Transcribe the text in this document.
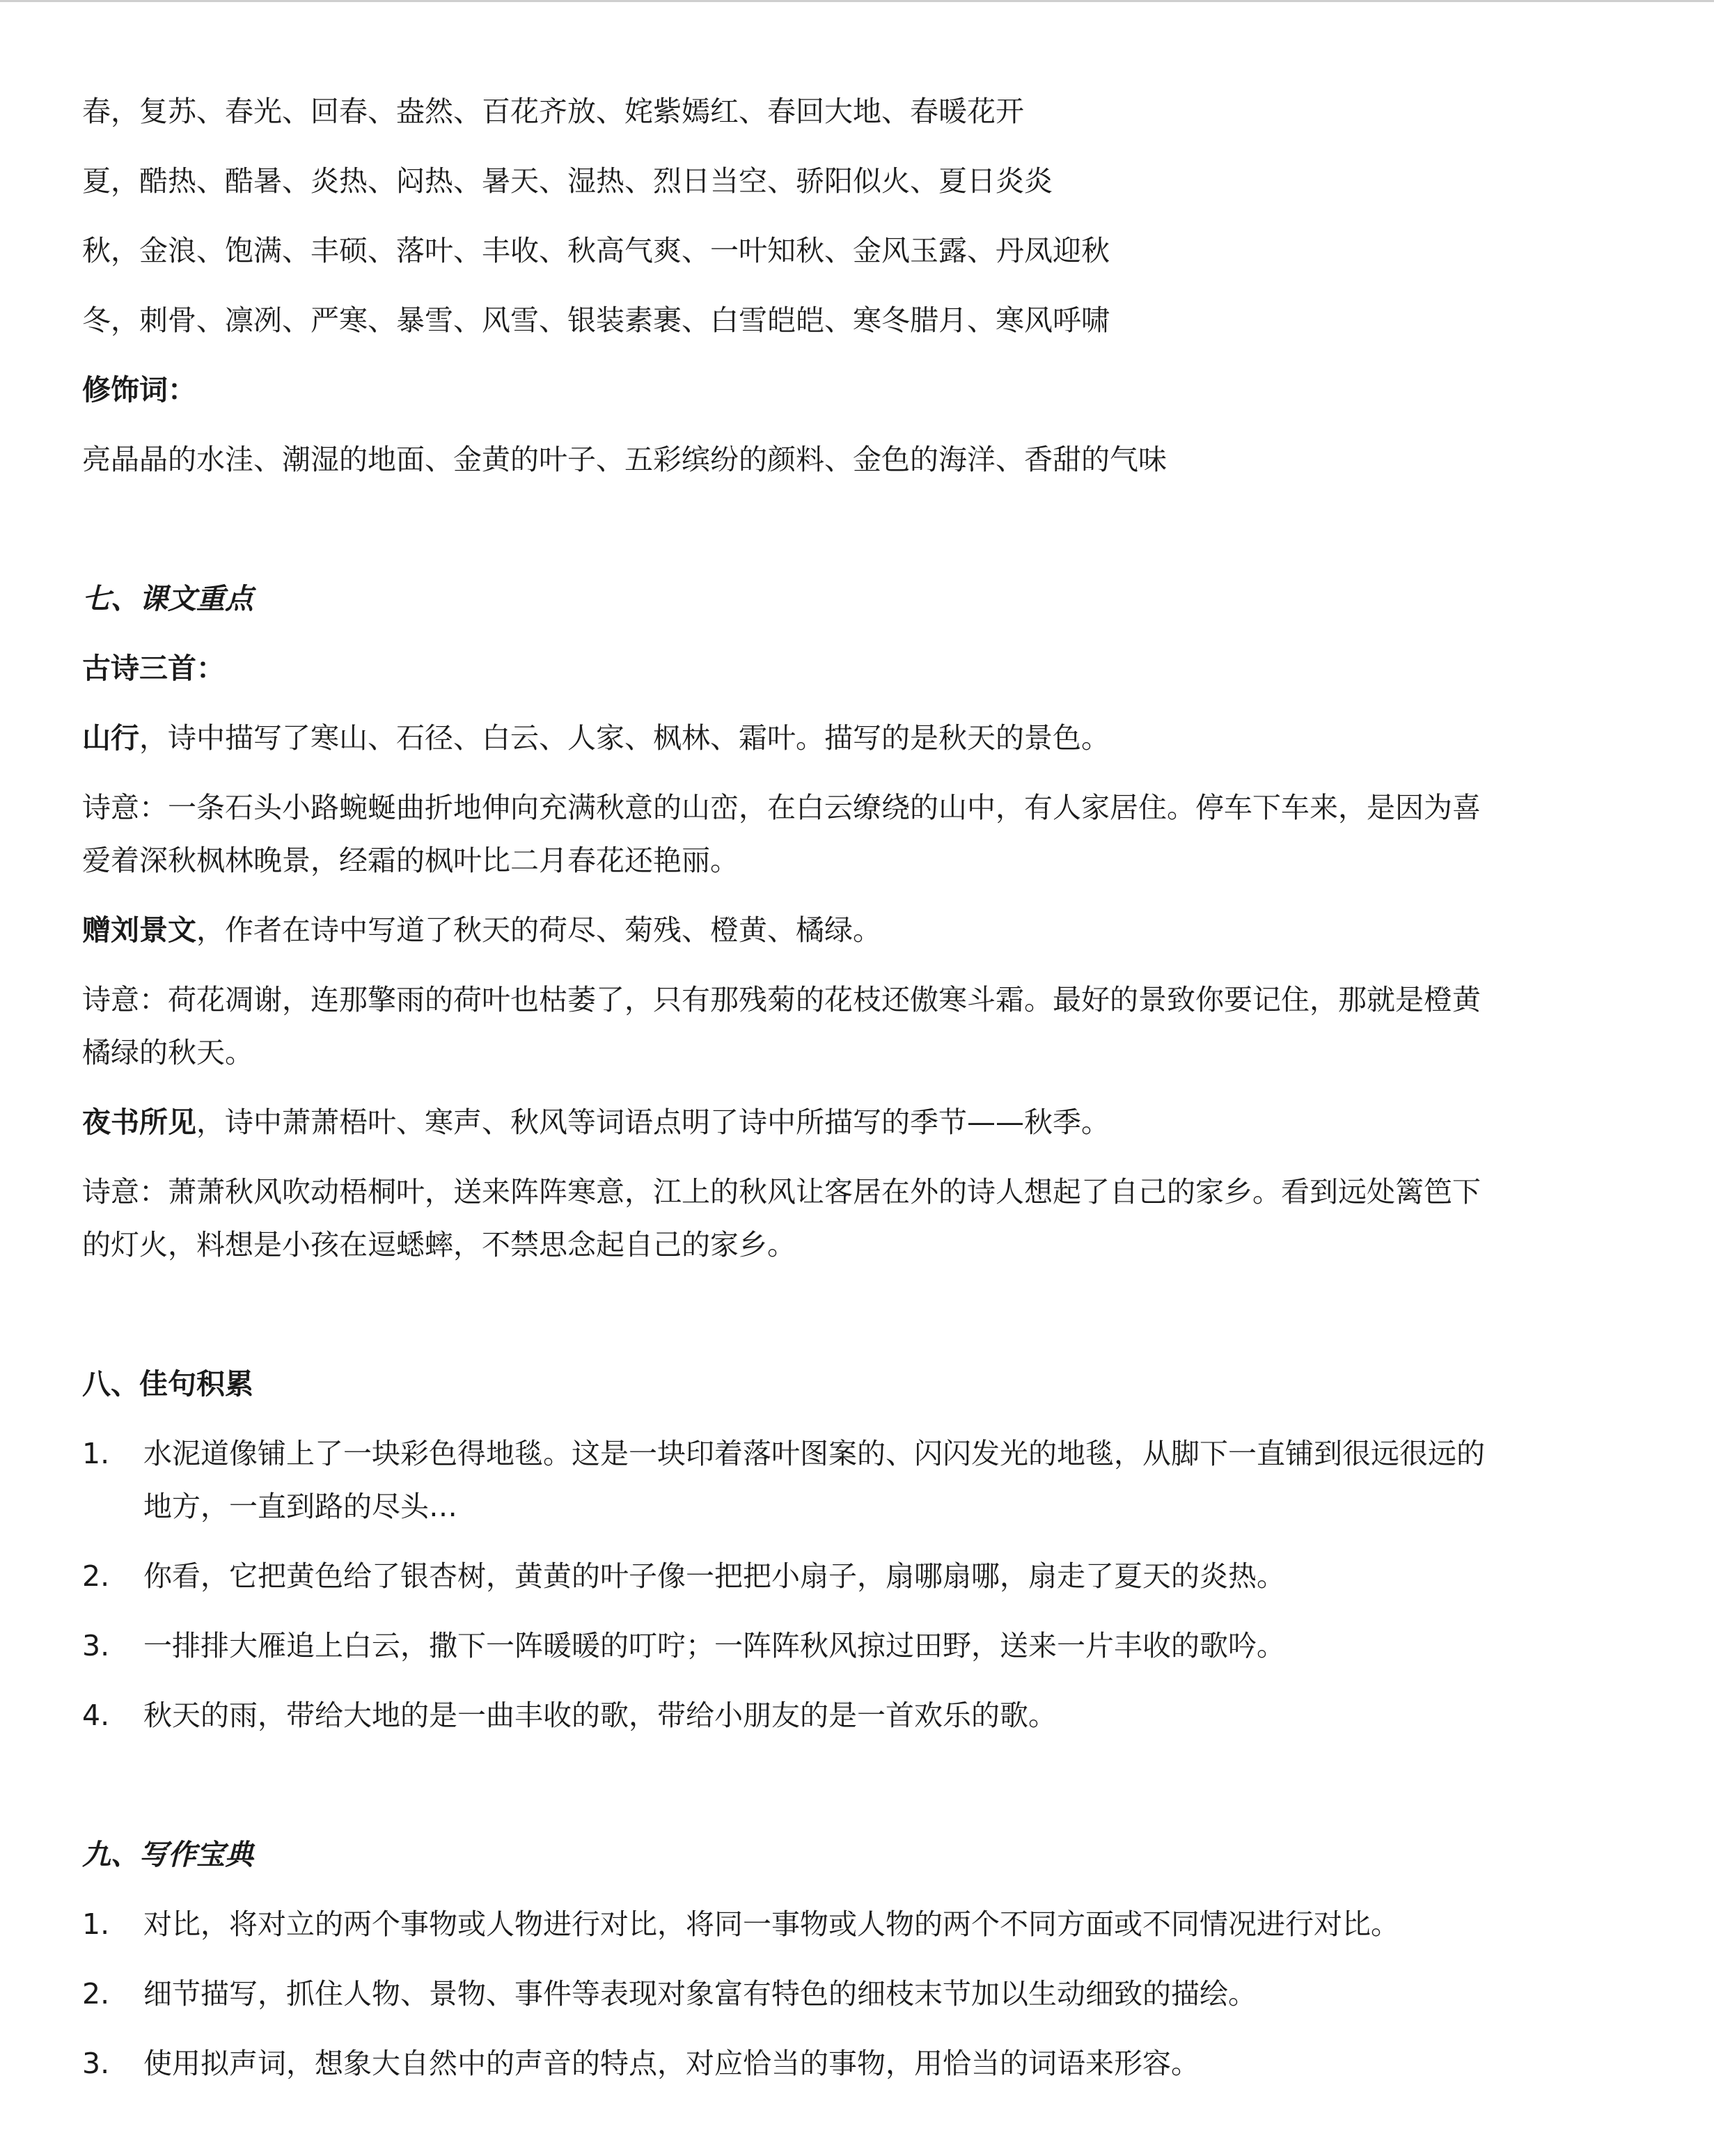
春，复苏、春光、回春、盎然、百花齐放、姹紫嫣红、春回大地、春暖花开
夏，酷热、酷暑、炎热、闷热、暑天、湿热、烈日当空、骄阳似火、夏日炎炎
秋，金浪、饱满、丰硕、落叶、丰收、秋高气爽、一叶知秋、金风玉露、丹凤迎秋
冬，刺骨、凛冽、严寒、暴雪、风雪、银装素裹、白雪皑皑、寒冬腊月、寒风呼啸
修饰词：
亮晶晶的水洼、潮湿的地面、金黄的叶子、五彩缤纷的颜料、金色的海洋、香甜的气味
七、课文重点
古诗三首：
山行，诗中描写了寒山、石径、白云、人家、枫林、霜叶。描写的是秋天的景色。
诗意：一条石头小路蜿蜒曲折地伸向充满秋意的山峦，在白云缭绕的山中，有人家居住。停车下车来，是因为喜
爱着深秋枫林晚景，经霜的枫叶比二月春花还艳丽。
赠刘景文，作者在诗中写道了秋天的荷尽、菊残、橙黄、橘绿。
诗意：荷花凋谢，连那擎雨的荷叶也枯萎了，只有那残菊的花枝还傲寒斗霜。最好的景致你要记住，那就是橙黄
橘绿的秋天。
夜书所见，诗中萧萧梧叶、寒声、秋风等词语点明了诗中所描写的季节——秋季。
诗意：萧萧秋风吹动梧桐叶，送来阵阵寒意，江上的秋风让客居在外的诗人想起了自己的家乡。看到远处篱笆下
的灯火，料想是小孩在逗蟋蟀，不禁思念起自己的家乡。
八、佳句积累
1. 水泥道像铺上了一块彩色得地毯。这是一块印着落叶图案的、闪闪发光的地毯，从脚下一直铺到很远很远的
地方，一直到路的尽头…
2. 你看，它把黄色给了银杏树，黄黄的叶子像一把把小扇子，扇哪扇哪，扇走了夏天的炎热。
3. 一排排大雁追上白云，撒下一阵暖暖的叮咛；一阵阵秋风掠过田野，送来一片丰收的歌吟。
4. 秋天的雨，带给大地的是一曲丰收的歌，带给小朋友的是一首欢乐的歌。
九、写作宝典
1. 对比，将对立的两个事物或人物进行对比，将同一事物或人物的两个不同方面或不同情况进行对比。
2. 细节描写，抓住人物、景物、事件等表现对象富有特色的细枝末节加以生动细致的描绘。
3. 使用拟声词，想象大自然中的声音的特点，对应恰当的事物，用恰当的词语来形容。
